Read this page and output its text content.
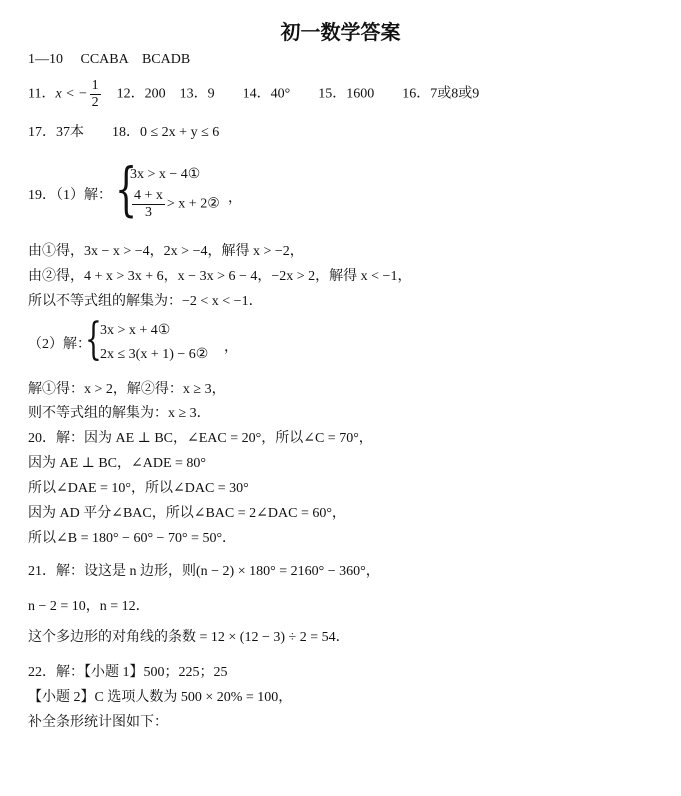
初一数学答案
1—10　 CCABA　BCADB
11．x < − $\frac{1}{2}$ 　12．200　13．9　　14．40°　　15．1600　　16．7或8或9
17．37本　　18．0 ≤ 2x + y ≤ 6
19．（1）解： {
3x > x − 4①
$\frac{4 + x}{3} > x$ + 2② ，
由①得，3x − x > −4，2x > −4，解得 x > −2，
由②得，4 + x > 3x + 6，x − 3x > 6 − 4，−2x > 2，解得 x < −1，
所以不等式组的解集为：−2 < x < −1．
（2）解：
{
3x > x + 4①
2x ≤ 3(x + 1) − 6② ，
解①得：x > 2，解②得：x ≥ 3，
则不等式组的解集为：x ≥ 3．
20．解：因为 AE ⊥ BC，∠EAC = 20°，所以∠C = 70°，
因为 AE ⊥ BC，∠ADE = 80°
所以∠DAE = 10°，所以∠DAC = 30°
因为 AD 平分∠BAC，所以∠BAC = 2∠DAC = 60°，
所以∠B = 180° − 60° − 70° = 50°．
21．解：设这是 n 边形，则(n − 2) × 180° = 2160° − 360°，
n − 2 = 10，n = 12．
这个多边形的对角线的条数 = 12 × (12 − 3) ÷ 2 = 54．
22．解：【小题 1】500；225；25
【小题 2】C 选项人数为 500 × 20% = 100，
补全条形统计图如下：
